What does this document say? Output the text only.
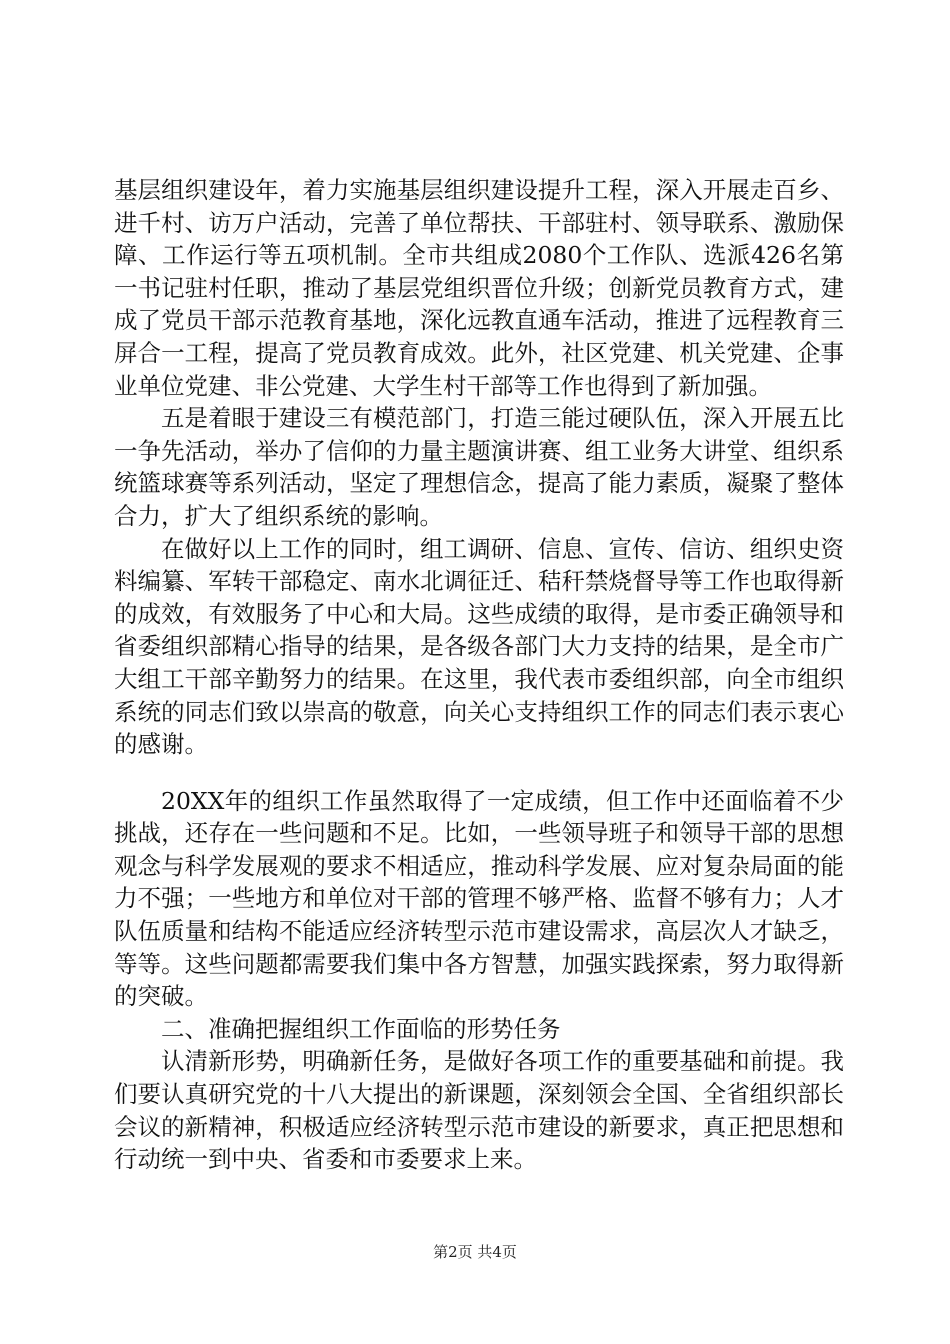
基层组织建设年，着力实施基层组织建设提升工程，深入开展走百乡、进千村、访万户活动，完善了单位帮扶、干部驻村、领导联系、激励保障、工作运行等五项机制。全市共组成2080个工作队、选派426名第一书记驻村任职，推动了基层党组织晋位升级；创新党员教育方式，建成了党员干部示范教育基地，深化远教直通车活动，推进了远程教育三屏合一工程，提高了党员教育成效。此外，社区党建、机关党建、企事业单位党建、非公党建、大学生村干部等工作也得到了新加强。

五是着眼于建设三有模范部门，打造三能过硬队伍，深入开展五比一争先活动，举办了信仰的力量主题演讲赛、组工业务大讲堂、组织系统篮球赛等系列活动，坚定了理想信念，提高了能力素质，凝聚了整体合力，扩大了组织系统的影响。

在做好以上工作的同时，组工调研、信息、宣传、信访、组织史资料编纂、军转干部稳定、南水北调征迁、秸秆禁烧督导等工作也取得新的成效，有效服务了中心和大局。这些成绩的取得，是市委正确领导和省委组织部精心指导的结果，是各级各部门大力支持的结果，是全市广大组工干部辛勤努力的结果。在这里，我代表市委组织部，向全市组织系统的同志们致以崇高的敬意，向关心支持组织工作的同志们表示衷心的感谢。

20XX年的组织工作虽然取得了一定成绩，但工作中还面临着不少挑战，还存在一些问题和不足。比如，一些领导班子和领导干部的思想观念与科学发展观的要求不相适应，推动科学发展、应对复杂局面的能力不强；一些地方和单位对干部的管理不够严格、监督不够有力；人才队伍质量和结构不能适应经济转型示范市建设需求，高层次人才缺乏，等等。这些问题都需要我们集中各方智慧，加强实践探索，努力取得新的突破。

二、准确把握组织工作面临的形势任务

认清新形势，明确新任务，是做好各项工作的重要基础和前提。我们要认真研究党的十八大提出的新课题，深刻领会全国、全省组织部长会议的新精神，积极适应经济转型示范市建设的新要求，真正把思想和行动统一到中央、省委和市委要求上来。

第2页 共4页
